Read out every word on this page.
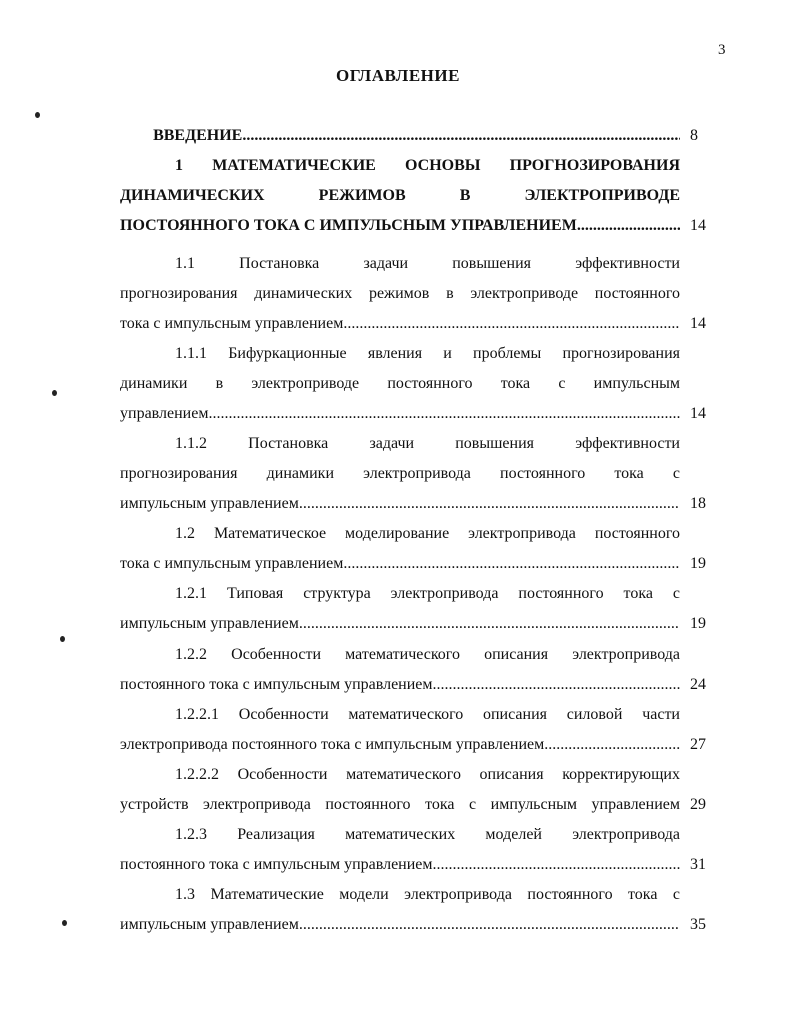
3
ОГЛАВЛЕНИЕ
ВВЕДЕНИЕ .....	8
1 МАТЕМАТИЧЕСКИЕ ОСНОВЫ ПРОГНОЗИРОВАНИЯ
ДИНАМИЧЕСКИХ РЕЖИМОВ В ЭЛЕКТРОПРИВОДЕ
ПОСТОЯННОГО ТОКА С ИМПУЛЬСНЫМ УПРАВЛЕНИЕМ .....	14
1.1 Постановка задачи повышения эффективности
прогнозирования динамических режимов в электроприводе постоянного
тока с импульсным управлением .....	14
1.1.1 Бифуркационные явления и проблемы прогнозирования
динамики в электроприводе постоянного тока с импульсным
управлением .....	14
1.1.2 Постановка задачи повышения эффективности
прогнозирования динамики электропривода постоянного тока с
импульсным управлением .....	18
1.2 Математическое моделирование электропривода постоянного
тока с импульсным управлением .....	19
1.2.1 Типовая структура электропривода постоянного тока с
импульсным управлением .....	19
1.2.2 Особенности математического описания электропривода
постоянного тока с импульсным управлением .....	24
1.2.2.1 Особенности математического описания силовой части
электропривода постоянного тока с импульсным управлением .....	27
1.2.2.2 Особенности математического описания корректирующих
устройств электропривода постоянного тока с импульсным управлением 29
1.2.3 Реализация математических моделей электропривода
постоянного тока с импульсным управлением .....	31
1.3 Математические модели электропривода постоянного тока с
импульсным управлением .....	35
